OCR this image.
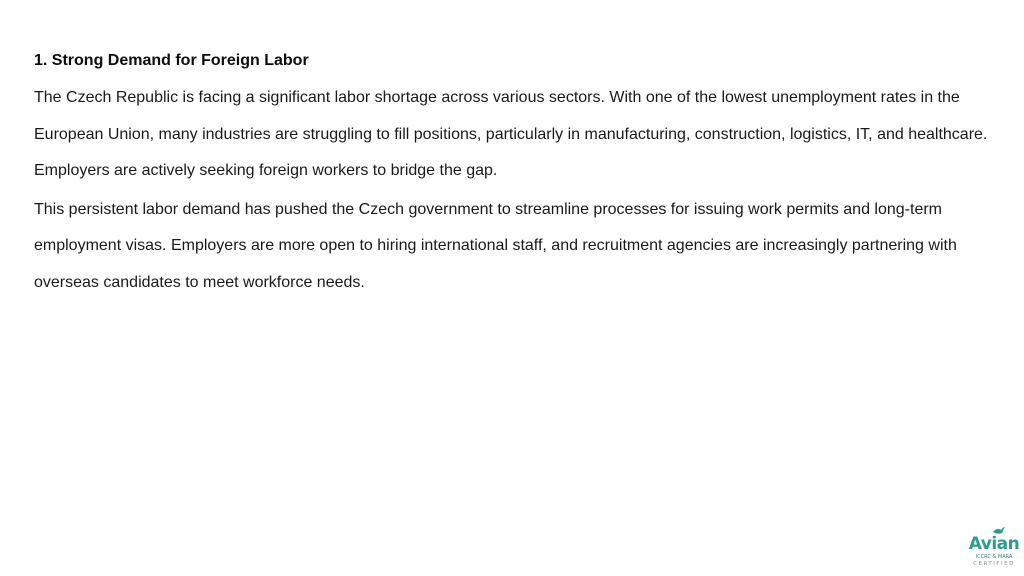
1. Strong Demand for Foreign Labor

The Czech Republic is facing a significant labor shortage across various sectors. With one of the lowest unemployment rates in the European Union, many industries are struggling to fill positions, particularly in manufacturing, construction, logistics, IT, and healthcare. Employers are actively seeking foreign workers to bridge the gap.

This persistent labor demand has pushed the Czech government to streamline processes for issuing work permits and long-term employment visas. Employers are more open to hiring international staff, and recruitment agencies are increasingly partnering with overseas candidates to meet workforce needs.

Avian
ICCRC & MARA
CERTIFIED
